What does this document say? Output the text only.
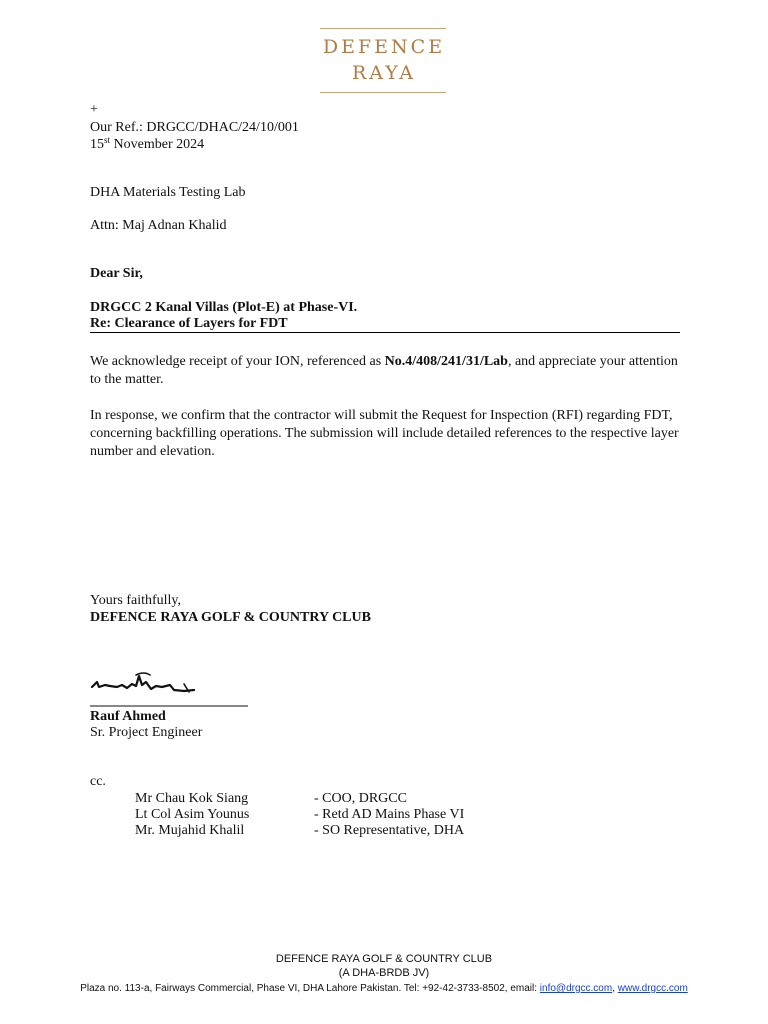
DEFENCE
RAYA
+
Our Ref.: DRGCC/DHAC/24/10/001
15st November 2024
DHA Materials Testing Lab
Attn: Maj Adnan Khalid
Dear Sir,
DRGCC 2 Kanal Villas (Plot-E) at Phase-VI.
Re: Clearance of Layers for FDT
We acknowledge receipt of your ION, referenced as No.4/408/241/31/Lab, and appreciate your attention to the matter.
In response, we confirm that the contractor will submit the Request for Inspection (RFI) regarding FDT, concerning backfilling operations. The submission will include detailed references to the respective layer number and elevation.
Yours faithfully,
DEFENCE RAYA GOLF & COUNTRY CLUB
Rauf Ahmed
Sr. Project Engineer
cc.
Mr Chau Kok Siang	- COO, DRGCC
Lt Col Asim Younus	- Retd AD Mains Phase VI
Mr. Mujahid Khalil	- SO Representative, DHA
DEFENCE RAYA GOLF & COUNTRY CLUB
(A DHA-BRDB JV)
Plaza no. 113-a, Fairways Commercial, Phase VI, DHA Lahore Pakistan. Tel: +92-42-3733-8502, email: info@drgcc.com, www.drgcc.com
